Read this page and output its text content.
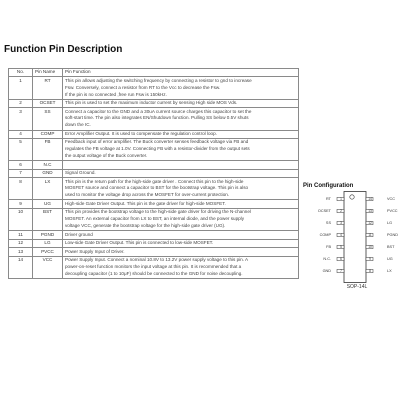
Function Pin Description
No.	Pin Name	Pin Function
1	RT	This pin allows adjusting the switching frequency by connecting a resistor to gnd to increase
Fsw. Conversely, connect a resistor from RT to the Vcc to decrease the Fsw.
If the pin is no connected ,free run Fsw is 150kHz.

2	OCSET	This pin is used to set the maximum inductor current by sensing High side MOS Vds.

3	SS	Connect a capacitor to the GND and a 30uA current source charges this capacitor to set the
soft-start time. The pin also integrates EN/Shutdown function. Pulling SS below 0.5V shuts
down the IC.

4	COMP	Error Amplifier Output. It is used to compensate the regulation control loop.

5	FB	Feedback input of error amplifier. The Buck converter senses feedback voltage via FB and
regulates the FB voltage at 1.0V. Connecting FB with a resistor-divider from the output sets
the output voltage of the Buck converter.

6	N.C	

7	GND	Signal Ground.

8	LX	This pin is the return path for the high-side gate driver . Connect this pin to the high-side
MOSFET source and connect a capacitor to BST for the bootstrap voltage. This pin is also
used to monitor the voltage drop across the MOSFET for over-current protection.

9	UG	High-side Gate Driver Output. This pin is the gate driver for high-side MOSFET.

10	BST	This pin provides the bootstrap voltage to the high-side gate driver for driving the N-channel
MOSFET. An external capacitor from LX to BST, an internal diode, and the power supply
voltage VCC, generate the bootstrap voltage for the high-side gate driver (UG).

11	PGND	Driver ground

12	LG	Low-side Gate Driver Output. This pin is connected to low-side MOSFET.

13	PVCC	Power Supply Input of Driver.

14	VCC	Power Supply Input. Connect a nominal 10.8V to 13.2V power supply voltage to this pin. A
power-on-reset function monitors the input voltage at this pin. It is recommended that a
decoupling capacitor (1 to 10μF) should be connected to the GND for noise decoupling.
Pin Configuration
SOP-14L
RT	1
OCSET	2
SS	3
COMP	4
FB	5
N.C.	6
GND	7
VCC
14
PVCC
13
LG
12
PGND
11
BST
10
UG
9
LX
8
